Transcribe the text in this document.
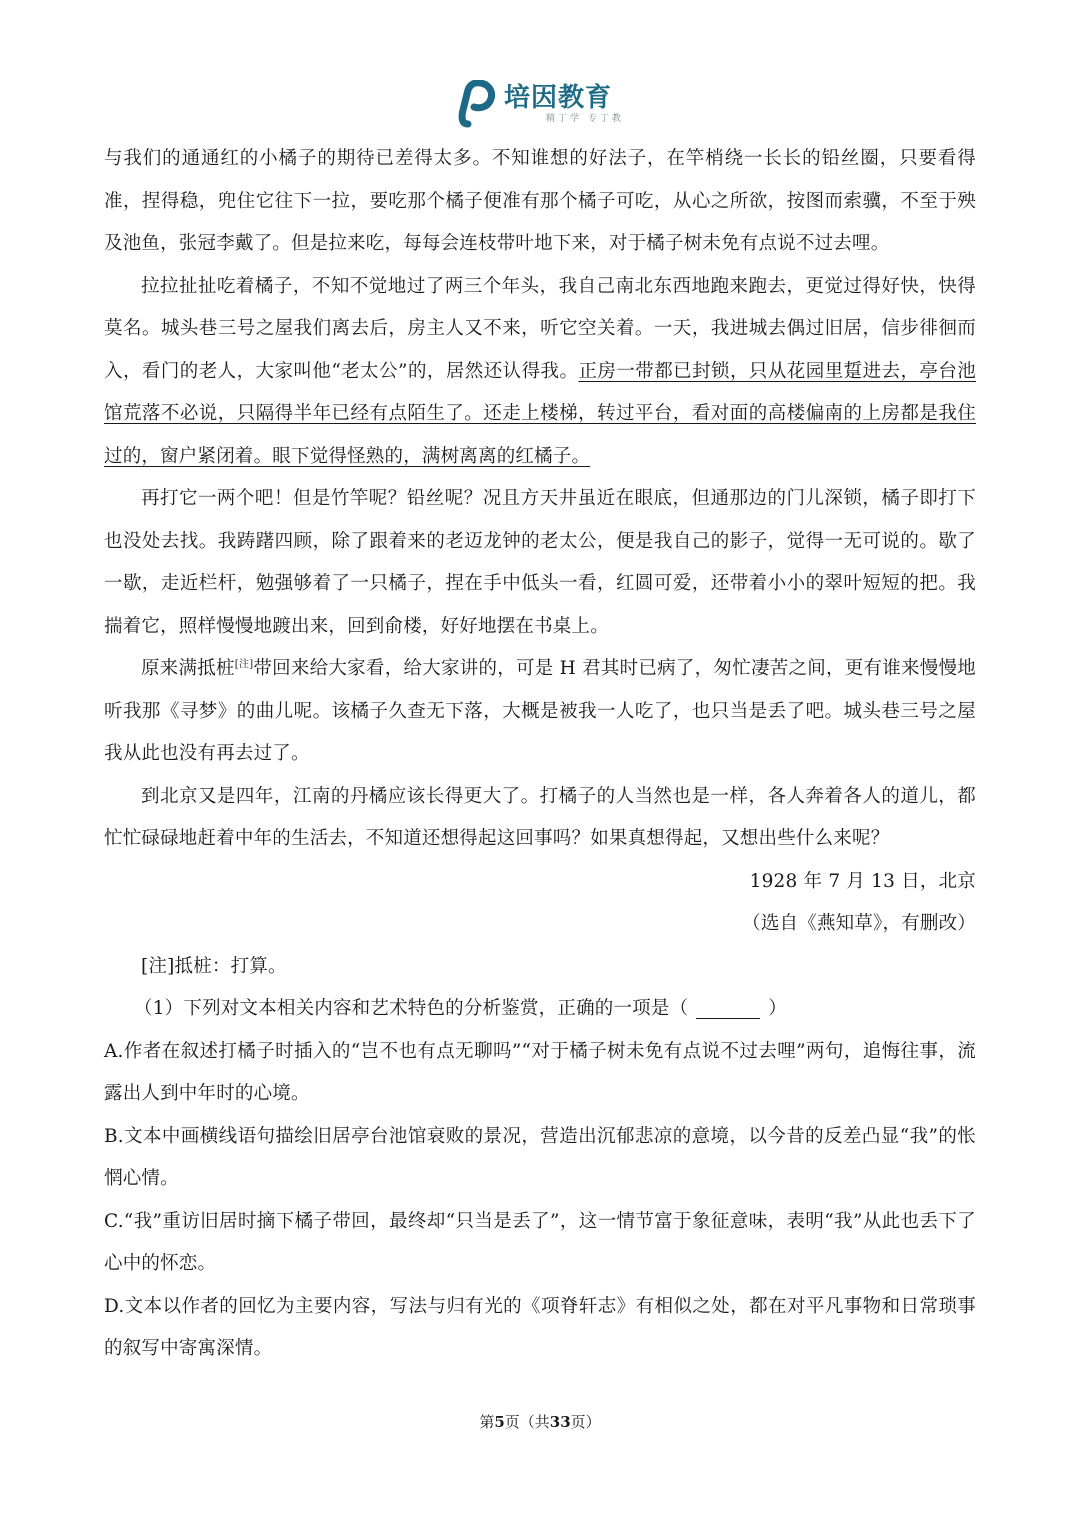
培因教育
精丁学 专丁教

与我们的通通红的小橘子的期待已差得太多。不知谁想的好法子，在竿梢绕一长长的铅丝圈，只要看得准，捏得稳，兜住它往下一拉，要吃那个橘子便准有那个橘子可吃，从心之所欲，按图而索骥，不至于殃及池鱼，张冠李戴了。但是拉来吃，每每会连枝带叶地下来，对于橘子树未免有点说不过去哩。

拉拉扯扯吃着橘子，不知不觉地过了两三个年头，我自己南北东西地跑来跑去，更觉过得好快，快得莫名。城头巷三号之屋我们离去后，房主人又不来，听它空关着。一天，我进城去偶过旧居，信步徘徊而入，看门的老人，大家叫他“老太公”的，居然还认得我。正房一带都已封锁，只从花园里踅进去，亭台池馆荒落不必说，只隔得半年已经有点陌生了。还走上楼梯，转过平台，看对面的高楼偏南的上房都是我住过的，窗户紧闭着。眼下觉得怪熟的，满树离离的红橘子。

再打它一两个吧！但是竹竿呢？铅丝呢？况且方天井虽近在眼底，但通那边的门儿深锁，橘子即打下也没处去找。我踌躇四顾，除了跟着来的老迈龙钟的老太公，便是我自己的影子，觉得一无可说的。歇了一歇，走近栏杆，勉强够着了一只橘子，捏在手中低头一看，红圆可爱，还带着小小的翠叶短短的把。我揣着它，照样慢慢地踱出来，回到俞楼，好好地摆在书桌上。

原来满抵桩[注]带回来给大家看，给大家讲的，可是 H 君其时已病了，匆忙凄苦之间，更有谁来慢慢地听我那《寻梦》的曲儿呢。该橘子久查无下落，大概是被我一人吃了，也只当是丢了吧。城头巷三号之屋我从此也没有再去过了。

到北京又是四年，江南的丹橘应该长得更大了。打橘子的人当然也是一样，各人奔着各人的道儿，都忙忙碌碌地赶着中年的生活去，不知道还想得起这回事吗？如果真想得起，又想出些什么来呢？

1928 年 7 月 13 日，北京

（选自《燕知草》，有删改）

[注]抵桩：打算。

（1）下列对文本相关内容和艺术特色的分析鉴赏，正确的一项是（	）

A.作者在叙述打橘子时插入的“岂不也有点无聊吗”“对于橘子树未免有点说不过去哩”两句，追悔往事，流露出人到中年时的心境。

B.文本中画横线语句描绘旧居亭台池馆衰败的景况，营造出沉郁悲凉的意境，以今昔的反差凸显“我”的怅惘心情。

C.“我”重访旧居时摘下橘子带回，最终却“只当是丢了”，这一情节富于象征意味，表明“我”从此也丢下了心中的怀恋。

D.文本以作者的回忆为主要内容，写法与归有光的《项脊轩志》有相似之处，都在对平凡事物和日常琐事的叙写中寄寓深情。

第5页（共33页）
